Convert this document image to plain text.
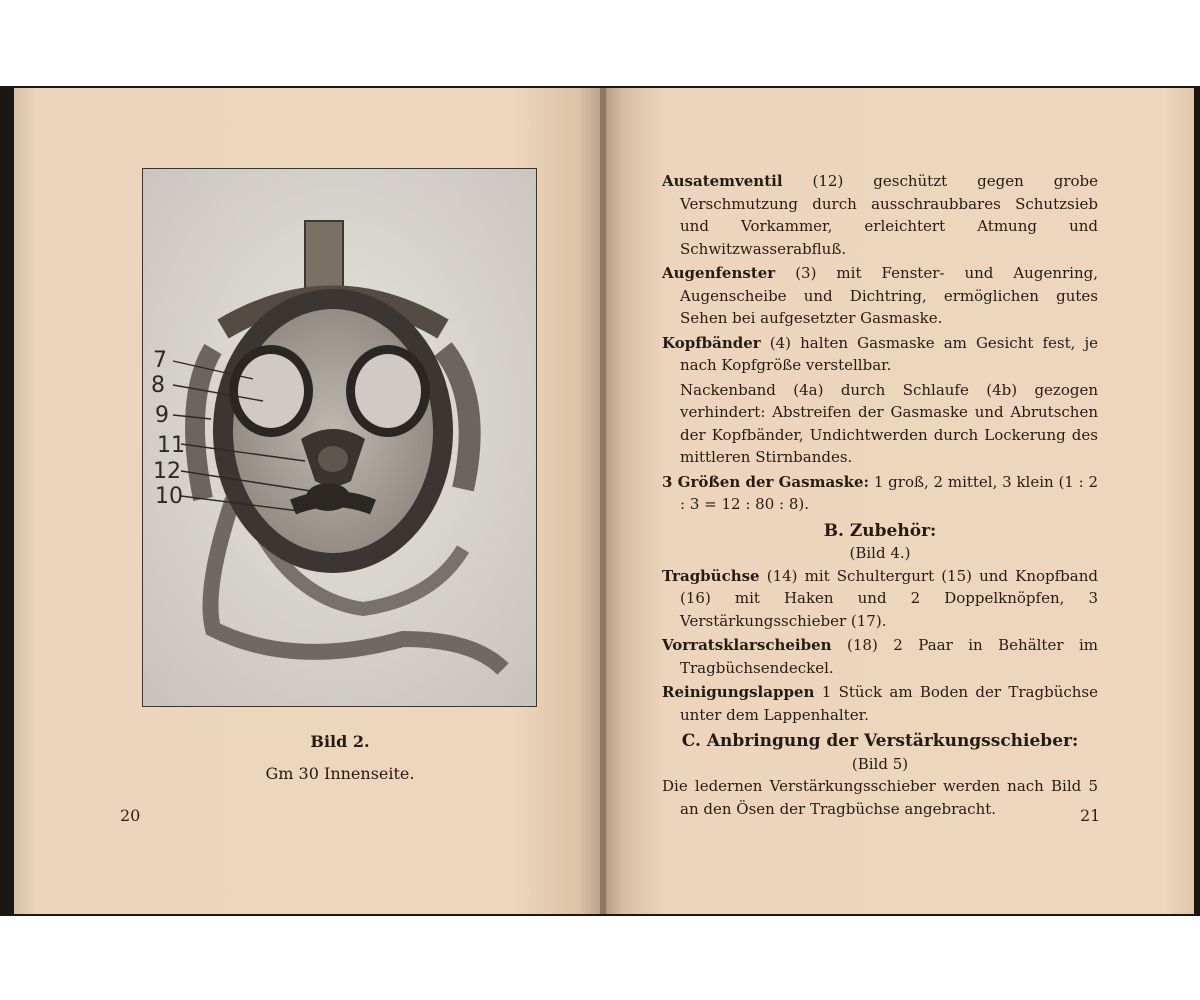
7
8
9
11
12
10
Bild 2.
Gm 30 Innenseite.
20
Ausatemventil (12) geschützt gegen grobe Verschmutzung durch ausschraubbares Schutzsieb und Vorkammer, erleichtert Atmung und Schwitzwasserabfluß.
Augenfenster (3) mit Fenster- und Augenring, Augenscheibe und Dichtring, ermöglichen gutes Sehen bei aufgesetzter Gasmaske.
Kopfbänder (4) halten Gasmaske am Gesicht fest, je nach Kopfgröße verstellbar.
Nackenband (4a) durch Schlaufe (4b) gezogen verhindert: Abstreifen der Gasmaske und Abrutschen der Kopfbänder, Undichtwerden durch Lockerung des mittleren Stirnbandes.
3 Größen der Gasmaske: 1 groß, 2 mittel, 3 klein (1 : 2 : 3 = 12 : 80 : 8).
B. Zubehör:
(Bild 4.)
Tragbüchse (14) mit Schultergurt (15) und Knopfband (16) mit Haken und 2 Doppelknöpfen, 3 Verstärkungsschieber (17).
Vorratsklarscheiben (18) 2 Paar in Behälter im Tragbüchsendeckel.
Reinigungslappen 1 Stück am Boden der Tragbüchse unter dem Lappenhalter.
C. Anbringung der Verstärkungsschieber:
(Bild 5)
Die ledernen Verstärkungsschieber werden nach Bild 5 an den Ösen der Tragbüchse angebracht.	21
